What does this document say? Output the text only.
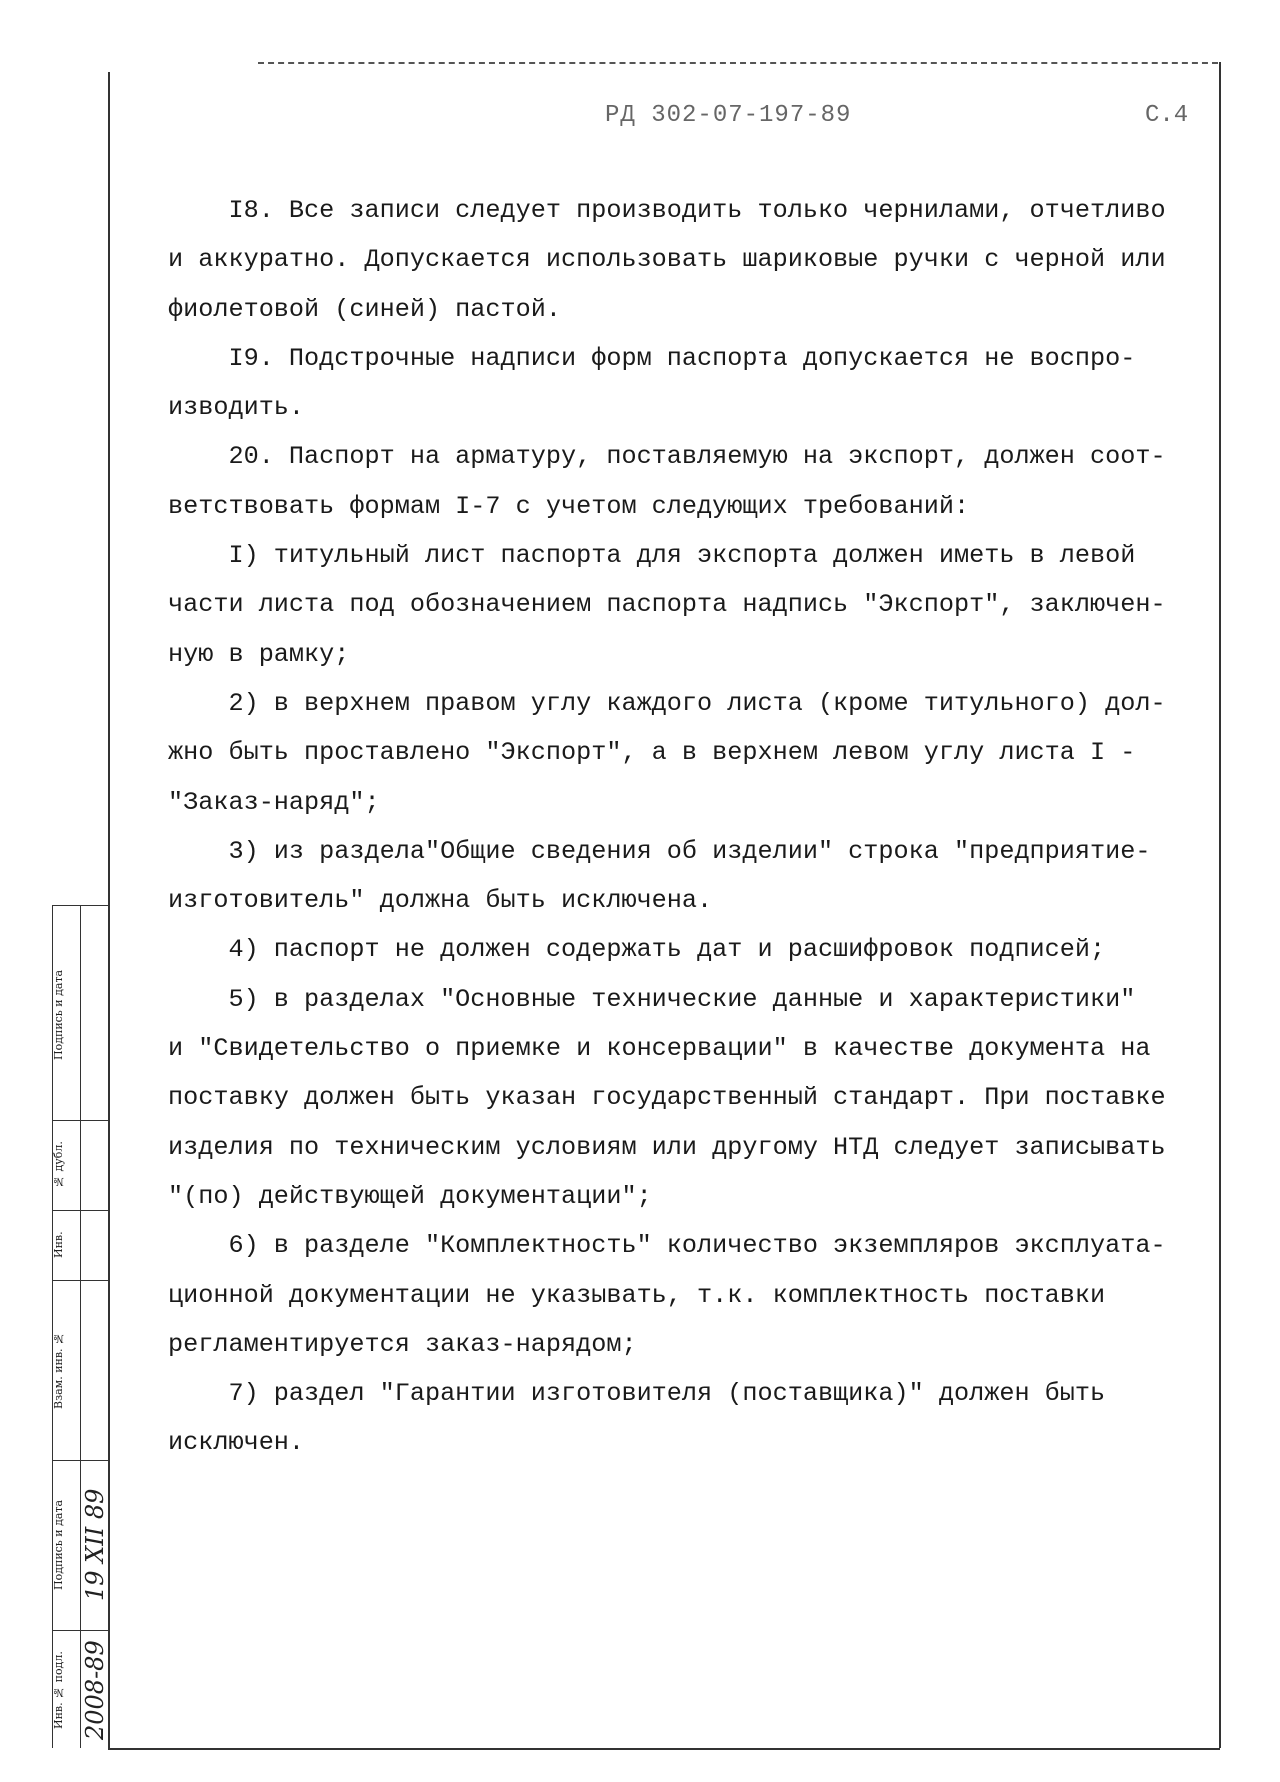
РД 302-07-197-89	С.4
I8. Все записи следует производить только чернилами, отчетливо
и аккуратно. Допускается использовать шариковые ручки с черной или
фиолетовой (синей) пастой.
I9. Подстрочные надписи форм паспорта допускается не воспро-
изводить.
20. Паспорт на арматуру, поставляемую на экспорт, должен соот-
ветствовать формам I-7 с учетом следующих требований:
I) титульный лист паспорта для экспорта должен иметь в левой
части листа под обозначением паспорта надпись "Экспорт", заключен-
ную в рамку;
2) в верхнем правом углу каждого листа (кроме титульного) дол-
жно быть проставлено "Экспорт", а в верхнем левом углу листа I -
"Заказ-наряд";
3) из раздела"Общие сведения об изделии" строка "предприятие-
изготовитель" должна быть исключена.
4) паспорт не должен содержать дат и расшифровок подписей;
5) в разделах "Основные технические данные и характеристики"
и "Свидетельство о приемке и консервации" в качестве документа на
поставку должен быть указан государственный стандарт. При поставке
изделия по техническим условиям или другому НТД следует записывать
"(по) действующей документации";
6) в разделе "Комплектность" количество экземпляров эксплуата-
ционной документации не указывать, т.к. комплектность поставки
регламентируется заказ-нарядом;
7) раздел "Гарантии изготовителя (поставщика)" должен быть
исключен.
Подпись и дата
№ дубл.
Инв.
Взам. инв. №
Подпись и дата
Инв. № подл.
19 XII 89
2008-89
